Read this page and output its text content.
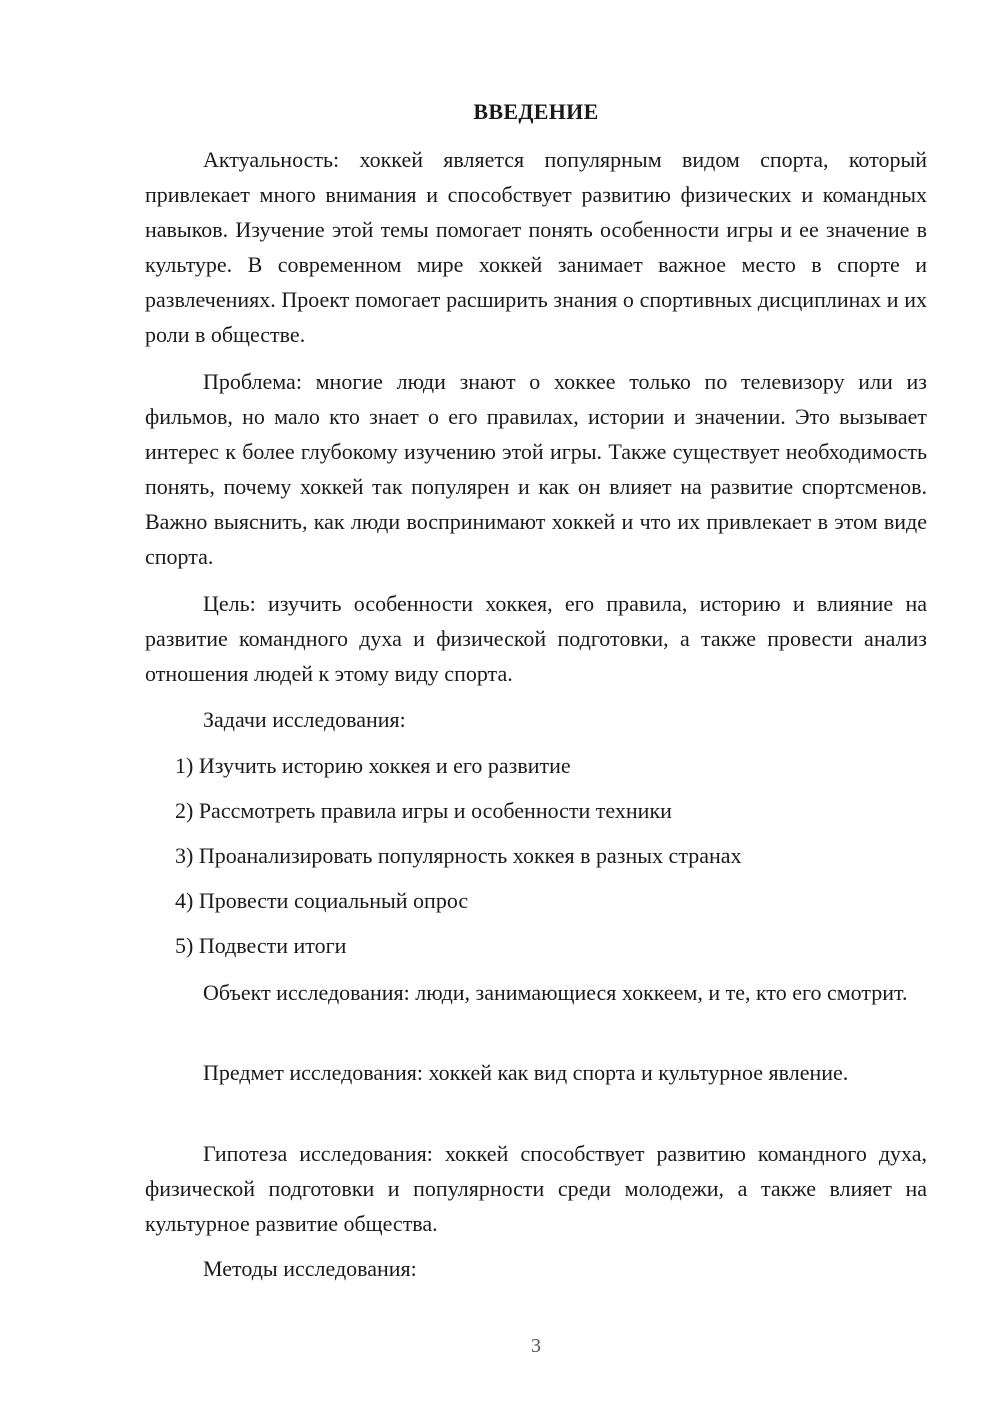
ВВЕДЕНИЕ

Актуальность: хоккей является популярным видом спорта, который привлекает много внимания и способствует развитию физических и командных навыков. Изучение этой темы помогает понять особенности игры и ее значение в культуре. В современном мире хоккей занимает важное место в спорте и развлечениях. Проект помогает расширить знания о спортивных дисциплинах и их роли в обществе.

Проблема: многие люди знают о хоккее только по телевизору или из фильмов, но мало кто знает о его правилах, истории и значении. Это вызывает интерес к более глубокому изучению этой игры. Также существует необходимость понять, почему хоккей так популярен и как он влияет на развитие спортсменов. Важно выяснить, как люди воспринимают хоккей и что их привлекает в этом виде спорта.

Цель: изучить особенности хоккея, его правила, историю и влияние на развитие командного духа и физической подготовки, а также провести анализ отношения людей к этому виду спорта.

Задачи исследования:

1) Изучить историю хоккея и его развитие
2) Рассмотреть правила игры и особенности техники
3) Проанализировать популярность хоккея в разных странах
4) Провести социальный опрос
5) Подвести итоги

Объект исследования: люди, занимающиеся хоккеем, и те, кто его смотрит.

Предмет исследования: хоккей как вид спорта и культурное явление.

Гипотеза исследования: хоккей способствует развитию командного духа, физической подготовки и популярности среди молодежи, а также влияет на культурное развитие общества.

Методы исследования:

3
